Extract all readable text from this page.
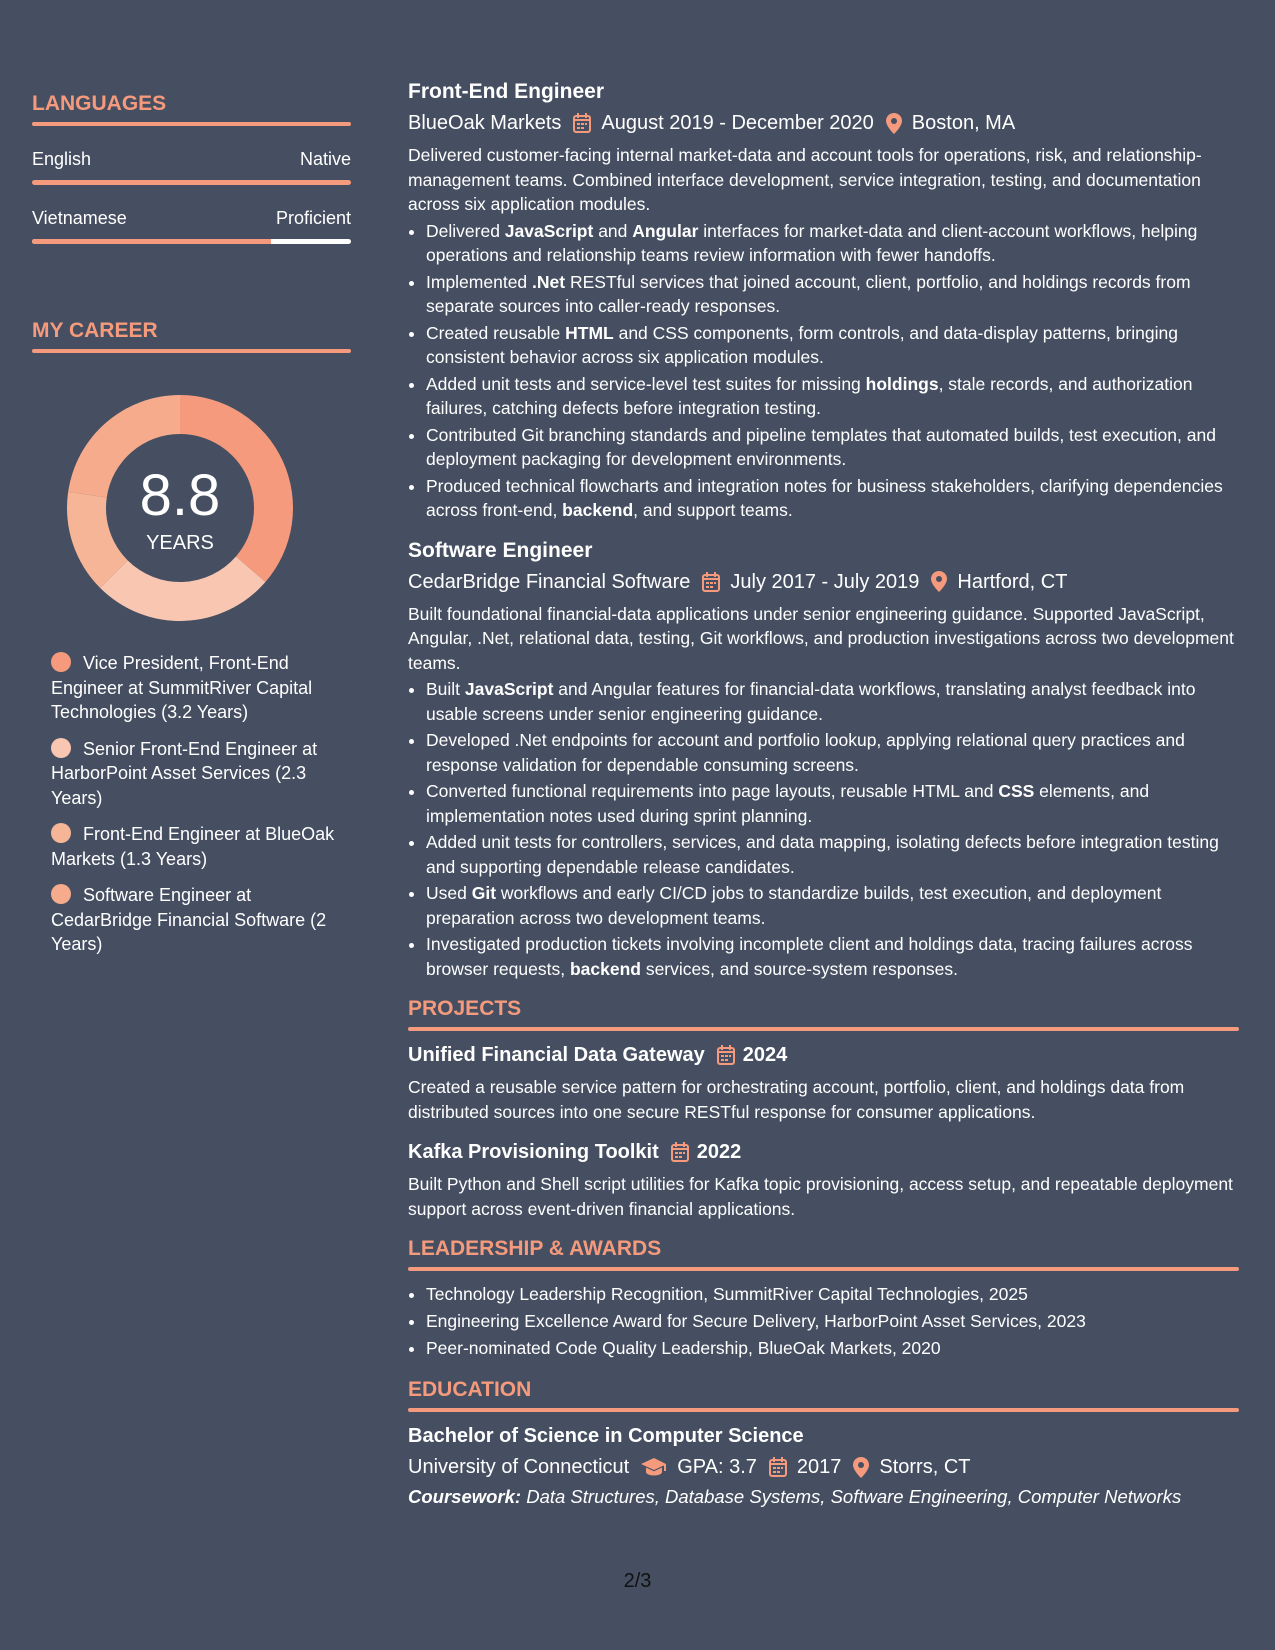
LANGUAGES
English	Native
Vietnamese	Proficient
MY CAREER
8.8
YEARS
Vice President, Front-End Engineer at SummitRiver Capital Technologies (3.2 Years)
Senior Front-End Engineer at HarborPoint Asset Services (2.3 Years)
Front-End Engineer at BlueOak Markets (1.3 Years)
Software Engineer at CedarBridge Financial Software (2 Years)
Front-End Engineer
BlueOak Markets August 2019 - December 2020 Boston, MA
Delivered customer-facing internal market-data and account tools for operations, risk, and relationship-management teams. Combined interface development, service integration, testing, and documentation across six application modules.
• Delivered JavaScript and Angular interfaces for market-data and client-account workflows, helping operations and relationship teams review information with fewer handoffs.
• Implemented .Net RESTful services that joined account, client, portfolio, and holdings records from separate sources into caller-ready responses.
• Created reusable HTML and CSS components, form controls, and data-display patterns, bringing consistent behavior across six application modules.
• Added unit tests and service-level test suites for missing holdings, stale records, and authorization failures, catching defects before integration testing.
• Contributed Git branching standards and pipeline templates that automated builds, test execution, and deployment packaging for development environments.
• Produced technical flowcharts and integration notes for business stakeholders, clarifying dependencies across front-end, backend, and support teams.
Software Engineer
CedarBridge Financial Software July 2017 - July 2019 Hartford, CT
Built foundational financial-data applications under senior engineering guidance. Supported JavaScript, Angular, .Net, relational data, testing, Git workflows, and production investigations across two development teams.
• Built JavaScript and Angular features for financial-data workflows, translating analyst feedback into usable screens under senior engineering guidance.
• Developed .Net endpoints for account and portfolio lookup, applying relational query practices and response validation for dependable consuming screens.
• Converted functional requirements into page layouts, reusable HTML and CSS elements, and implementation notes used during sprint planning.
• Added unit tests for controllers, services, and data mapping, isolating defects before integration testing and supporting dependable release candidates.
• Used Git workflows and early CI/CD jobs to standardize builds, test execution, and deployment preparation across two development teams.
• Investigated production tickets involving incomplete client and holdings data, tracing failures across browser requests, backend services, and source-system responses.
PROJECTS
Unified Financial Data Gateway 2024
Created a reusable service pattern for orchestrating account, portfolio, client, and holdings data from distributed sources into one secure RESTful response for consumer applications.
Kafka Provisioning Toolkit 2022
Built Python and Shell script utilities for Kafka topic provisioning, access setup, and repeatable deployment support across event-driven financial applications.
LEADERSHIP & AWARDS
• Technology Leadership Recognition, SummitRiver Capital Technologies, 2025
• Engineering Excellence Award for Secure Delivery, HarborPoint Asset Services, 2023
• Peer-nominated Code Quality Leadership, BlueOak Markets, 2020
EDUCATION
Bachelor of Science in Computer Science
University of Connecticut GPA: 3.7 2017 Storrs, CT
Coursework: Data Structures, Database Systems, Software Engineering, Computer Networks
2/3
